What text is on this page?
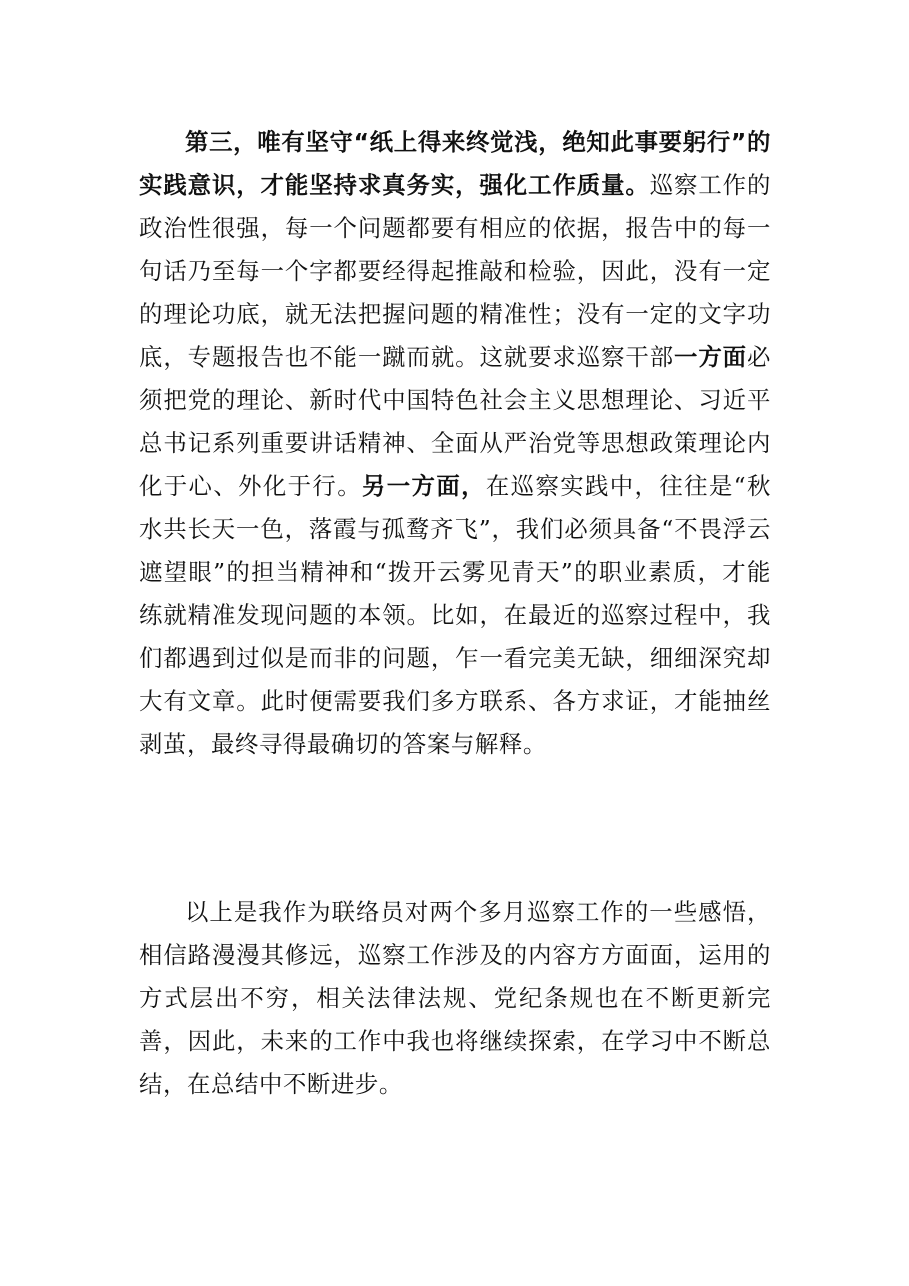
第三，唯有坚守“纸上得来终觉浅，绝知此事要躬行”的实践意识，才能坚持求真务实，强化工作质量。巡察工作的政治性很强，每一个问题都要有相应的依据，报告中的每一句话乃至每一个字都要经得起推敲和检验，因此，没有一定的理论功底，就无法把握问题的精准性；没有一定的文字功底，专题报告也不能一蹴而就。这就要求巡察干部一方面必须把党的理论、新时代中国特色社会主义思想理论、习近平总书记系列重要讲话精神、全面从严治党等思想政策理论内化于心、外化于行。另一方面，在巡察实践中，往往是“秋水共长天一色，落霞与孤鹜齐飞”，我们必须具备“不畏浮云遮望眼”的担当精神和“拨开云雾见青天”的职业素质，才能练就精准发现问题的本领。比如，在最近的巡察过程中，我们都遇到过似是而非的问题，乍一看完美无缺，细细深究却大有文章。此时便需要我们多方联系、各方求证，才能抽丝剥茧，最终寻得最确切的答案与解释。

以上是我作为联络员对两个多月巡察工作的一些感悟，相信路漫漫其修远，巡察工作涉及的内容方方面面，运用的方式层出不穷，相关法律法规、党纪条规也在不断更新完善，因此，未来的工作中我也将继续探索，在学习中不断总结，在总结中不断进步。
